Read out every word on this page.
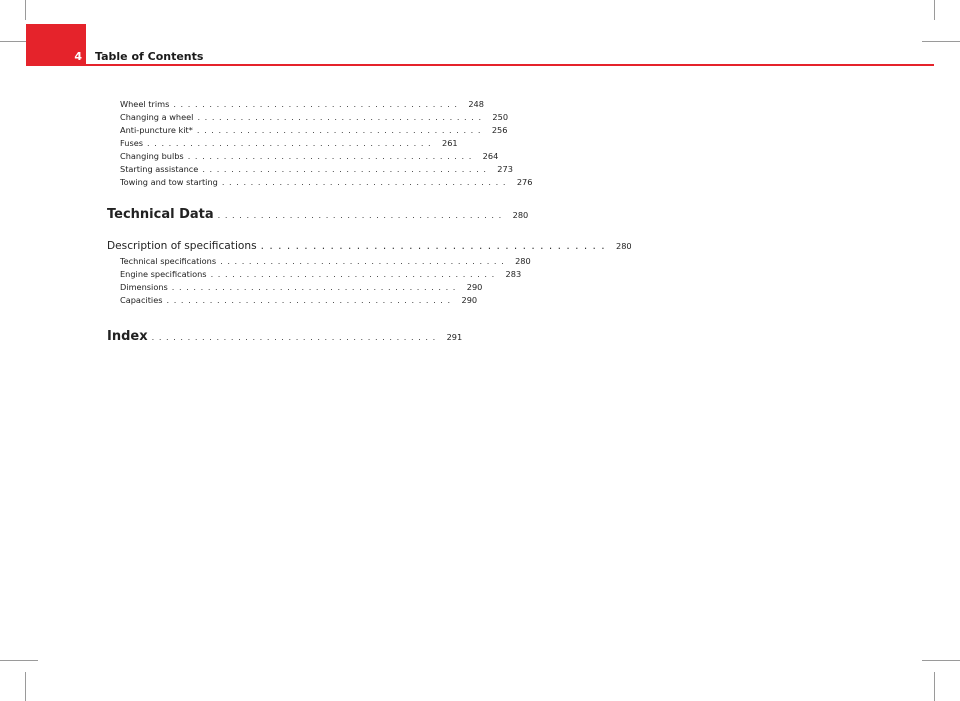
4 Table of Contents
Wheel trims . . . . . . . . . . . . . . . . . . . . . . . . . . . . . . . . . . . . . . . .	248
Changing a wheel . . . . . . . . . . . . . . . . . . . . . . . . . . . . . . . . . . . . . . . .	250
Anti-puncture kit* . . . . . . . . . . . . . . . . . . . . . . . . . . . . . . . . . . . . . . . .	256
Fuses . . . . . . . . . . . . . . . . . . . . . . . . . . . . . . . . . . . . . . . .	261
Changing bulbs . . . . . . . . . . . . . . . . . . . . . . . . . . . . . . . . . . . . . . . .	264
Starting assistance . . . . . . . . . . . . . . . . . . . . . . . . . . . . . . . . . . . . . . . .	273
Towing and tow starting . . . . . . . . . . . . . . . . . . . . . . . . . . . . . . . . . . . . . . . .	276
Technical Data . . . . . . . . . . . . . . . . . . . . . . . . . . . . . . . . . . . . . . . .	280
Description of specifications . . . . . . . . . . . . . . . . . . . . . . . . . . . . . . . . . . . . . . . .	280
Technical specifications . . . . . . . . . . . . . . . . . . . . . . . . . . . . . . . . . . . . . . . .	280
Engine specifications . . . . . . . . . . . . . . . . . . . . . . . . . . . . . . . . . . . . . . . .	283
Dimensions . . . . . . . . . . . . . . . . . . . . . . . . . . . . . . . . . . . . . . . .	290
Capacities . . . . . . . . . . . . . . . . . . . . . . . . . . . . . . . . . . . . . . . .	290
Index . . . . . . . . . . . . . . . . . . . . . . . . . . . . . . . . . . . . . . . .	291
